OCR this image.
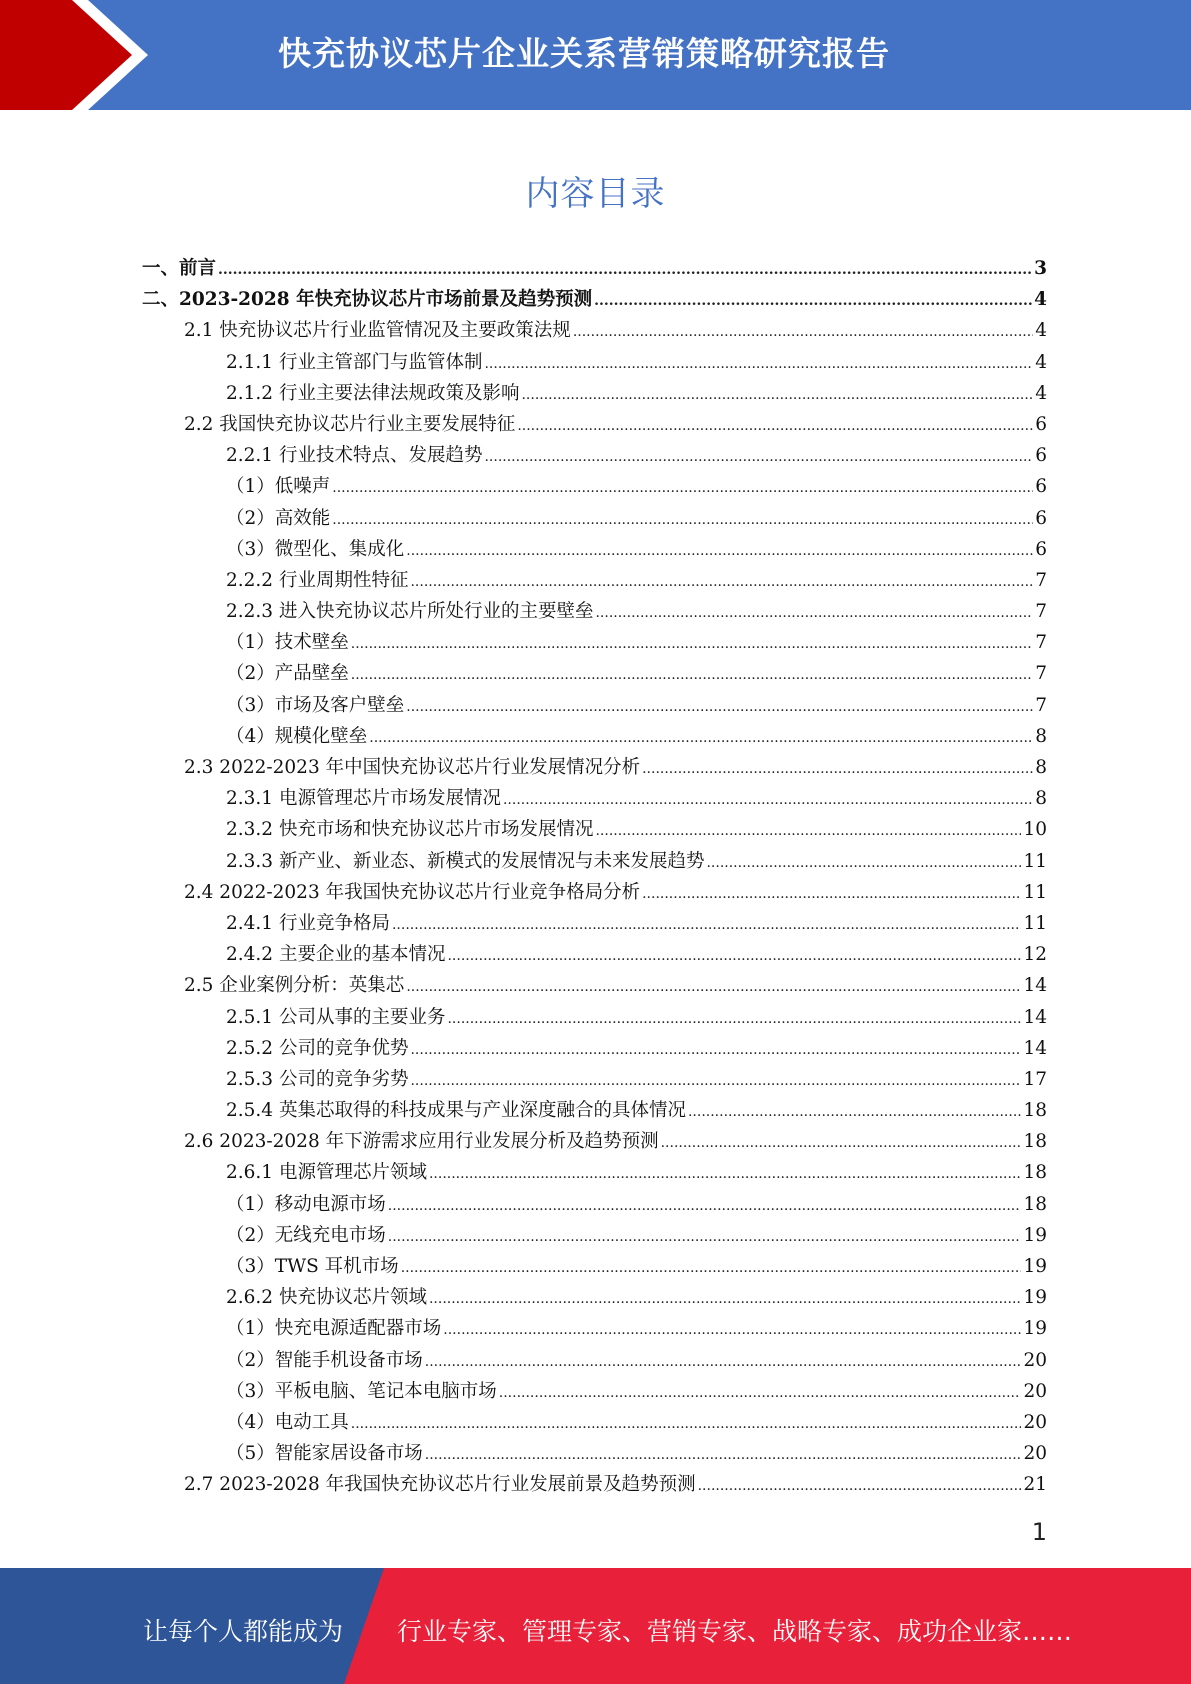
快充协议芯片企业关系营销策略研究报告
内容目录
一、前言 .....	3
二、2023-2028 年快充协议芯片市场前景及趋势预测 .....	4
2.1 快充协议芯片行业监管情况及主要政策法规 .....	4
2.1.1 行业主管部门与监管体制 .....	4
2.1.2 行业主要法律法规政策及影响 .....	4
2.2 我国快充协议芯片行业主要发展特征 .....	6
2.2.1 行业技术特点、发展趋势 .....	6
（1）低噪声 .....	6
（2）高效能 .....	6
（3）微型化、集成化 .....	6
2.2.2 行业周期性特征 .....	7
2.2.3 进入快充协议芯片所处行业的主要壁垒 .....	7
（1）技术壁垒 .....	7
（2）产品壁垒 .....	7
（3）市场及客户壁垒 .....	7
（4）规模化壁垒 .....	8
2.3 2022-2023 年中国快充协议芯片行业发展情况分析 .....	8
2.3.1 电源管理芯片市场发展情况 .....	8
2.3.2 快充市场和快充协议芯片市场发展情况 .....	10
2.3.3 新产业、新业态、新模式的发展情况与未来发展趋势 .....	11
2.4 2022-2023 年我国快充协议芯片行业竞争格局分析 .....	11
2.4.1 行业竞争格局 .....	11
2.4.2 主要企业的基本情况 .....	12
2.5 企业案例分析：英集芯 .....	14
2.5.1 公司从事的主要业务 .....	14
2.5.2 公司的竞争优势 .....	14
2.5.3 公司的竞争劣势 .....	17
2.5.4 英集芯取得的科技成果与产业深度融合的具体情况 .....	18
2.6 2023-2028 年下游需求应用行业发展分析及趋势预测 .....	18
2.6.1 电源管理芯片领域 .....	18
（1）移动电源市场 .....	18
（2）无线充电市场 .....	19
（3）TWS 耳机市场 .....	19
2.6.2 快充协议芯片领域 .....	19
（1）快充电源适配器市场 .....	19
（2）智能手机设备市场 .....	20
（3）平板电脑、笔记本电脑市场 .....	20
（4）电动工具 .....	20
（5）智能家居设备市场 .....	20
2.7 2023-2028 年我国快充协议芯片行业发展前景及趋势预测 .....	21
1
让每个人都能成为 行业专家、管理专家、营销专家、战略专家、成功企业家……
